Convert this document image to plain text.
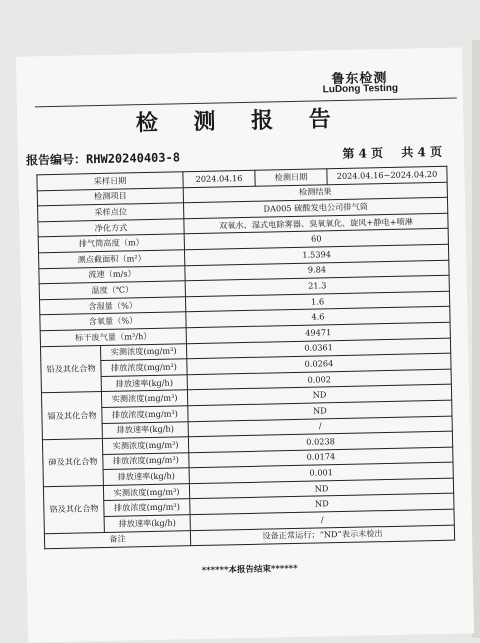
鲁东检测
LuDong Testing
检 测 报 告
报告编号：RHW20240403-8	第 4 页 共 4 页
采样日期		2024.04.16	检测日期	2024.04.16~2024.04.20
检测项目		检测结果		
采样点位		DA005 硫酸发电公司排气筒		
净化方式		双氧水、湿式电除雾器、臭氧氧化、旋风+静电+喷淋		
排气筒高度（m）		60		
测点截面积（m²）		1.5394		
流速（m/s）		9.84		
温度（℃）		21.3		
含湿量（%）		1.6		
含氧量（%）		4.6		
标干废气量（m³/h）		49471		
铅及其化合物	实测浓度(mg/m³)	0.0361		
	排放浓度(mg/m³)	0.0264		
	排放速率(kg/h)	0.002		
镉及其化合物	实测浓度(mg/m³)	ND		
	排放浓度(mg/m³)	ND		
	排放速率(kg/h)	/		
砷及其化合物	实测浓度(mg/m³)	0.0238		
	排放浓度(mg/m³)	0.0174		
	排放速率(kg/h)	0.001		
铬及其化合物	实测浓度(mg/m³)	ND		
	排放浓度(mg/m³)	ND		
	排放速率(kg/h)	/		
备注		设备正常运行；“ND”表示未检出		
******本报告结束******
